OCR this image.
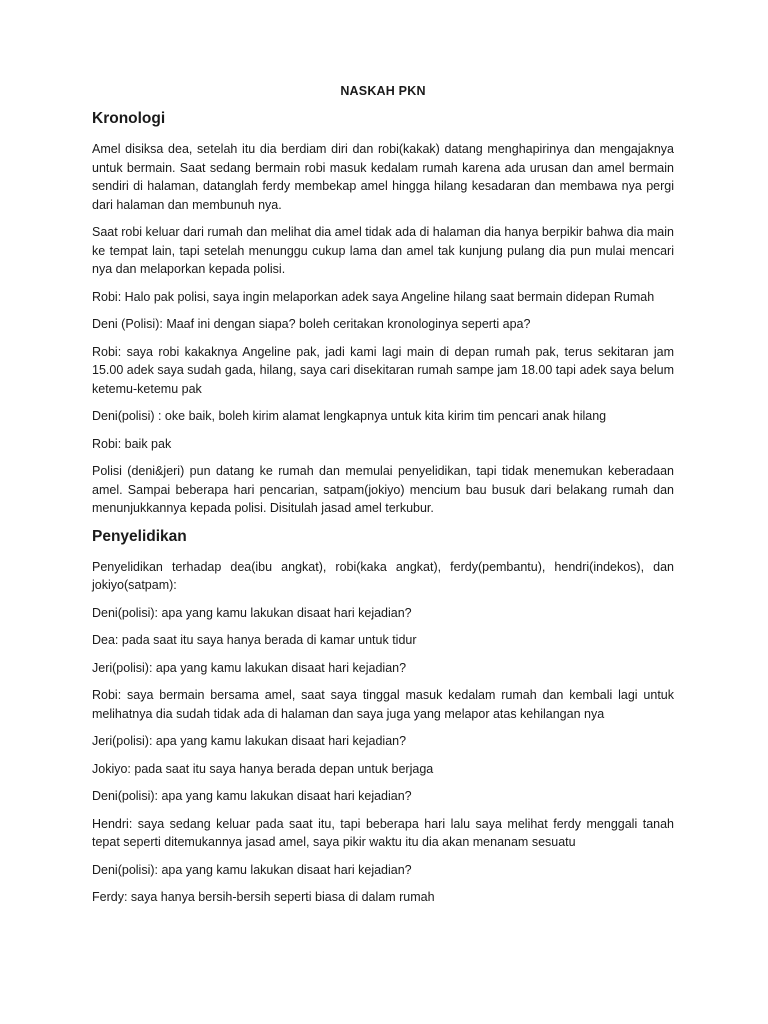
NASKAH PKN
Kronologi

Amel disiksa dea, setelah itu dia berdiam diri dan robi(kakak) datang menghapirinya dan mengajaknya untuk bermain. Saat sedang bermain robi masuk kedalam rumah karena ada urusan dan amel bermain sendiri di halaman, datanglah ferdy membekap amel hingga hilang kesadaran dan membawa nya pergi dari halaman dan membunuh nya.

Saat robi keluar dari rumah dan melihat dia amel tidak ada di halaman dia hanya berpikir bahwa dia main ke tempat lain, tapi setelah menunggu cukup lama dan amel tak kunjung pulang dia pun mulai mencari nya dan melaporkan kepada polisi.

Robi: Halo pak polisi, saya ingin melaporkan adek saya Angeline hilang saat bermain didepan Rumah

Deni (Polisi): Maaf ini dengan siapa? boleh ceritakan kronologinya seperti apa?

Robi: saya robi kakaknya Angeline pak, jadi kami lagi main di depan rumah pak, terus sekitaran jam 15.00 adek saya sudah gada, hilang, saya cari disekitaran rumah sampe jam 18.00 tapi adek saya belum ketemu-ketemu pak

Deni(polisi) : oke baik, boleh kirim alamat lengkapnya untuk kita kirim tim pencari anak hilang

Robi: baik pak

Polisi (deni&jeri) pun datang ke rumah dan memulai penyelidikan, tapi tidak menemukan keberadaan amel. Sampai beberapa hari pencarian, satpam(jokiyo) mencium bau busuk dari belakang rumah dan menunjukkannya kepada polisi. Disitulah jasad amel terkubur.

Penyelidikan

Penyelidikan terhadap dea(ibu angkat), robi(kaka angkat), ferdy(pembantu), hendri(indekos), dan jokiyo(satpam):

Deni(polisi): apa yang kamu lakukan disaat hari kejadian?

Dea: pada saat itu saya hanya berada di kamar untuk tidur

Jeri(polisi): apa yang kamu lakukan disaat hari kejadian?

Robi: saya bermain bersama amel, saat saya tinggal masuk kedalam rumah dan kembali lagi untuk melihatnya dia sudah tidak ada di halaman dan saya juga yang melapor atas kehilangan nya

Jeri(polisi): apa yang kamu lakukan disaat hari kejadian?

Jokiyo: pada saat itu saya hanya berada depan untuk berjaga

Deni(polisi): apa yang kamu lakukan disaat hari kejadian?

Hendri: saya sedang keluar pada saat itu, tapi beberapa hari lalu saya melihat ferdy menggali tanah tepat seperti ditemukannya jasad amel, saya pikir waktu itu dia akan menanam sesuatu

Deni(polisi): apa yang kamu lakukan disaat hari kejadian?

Ferdy: saya hanya bersih-bersih seperti biasa di dalam rumah
